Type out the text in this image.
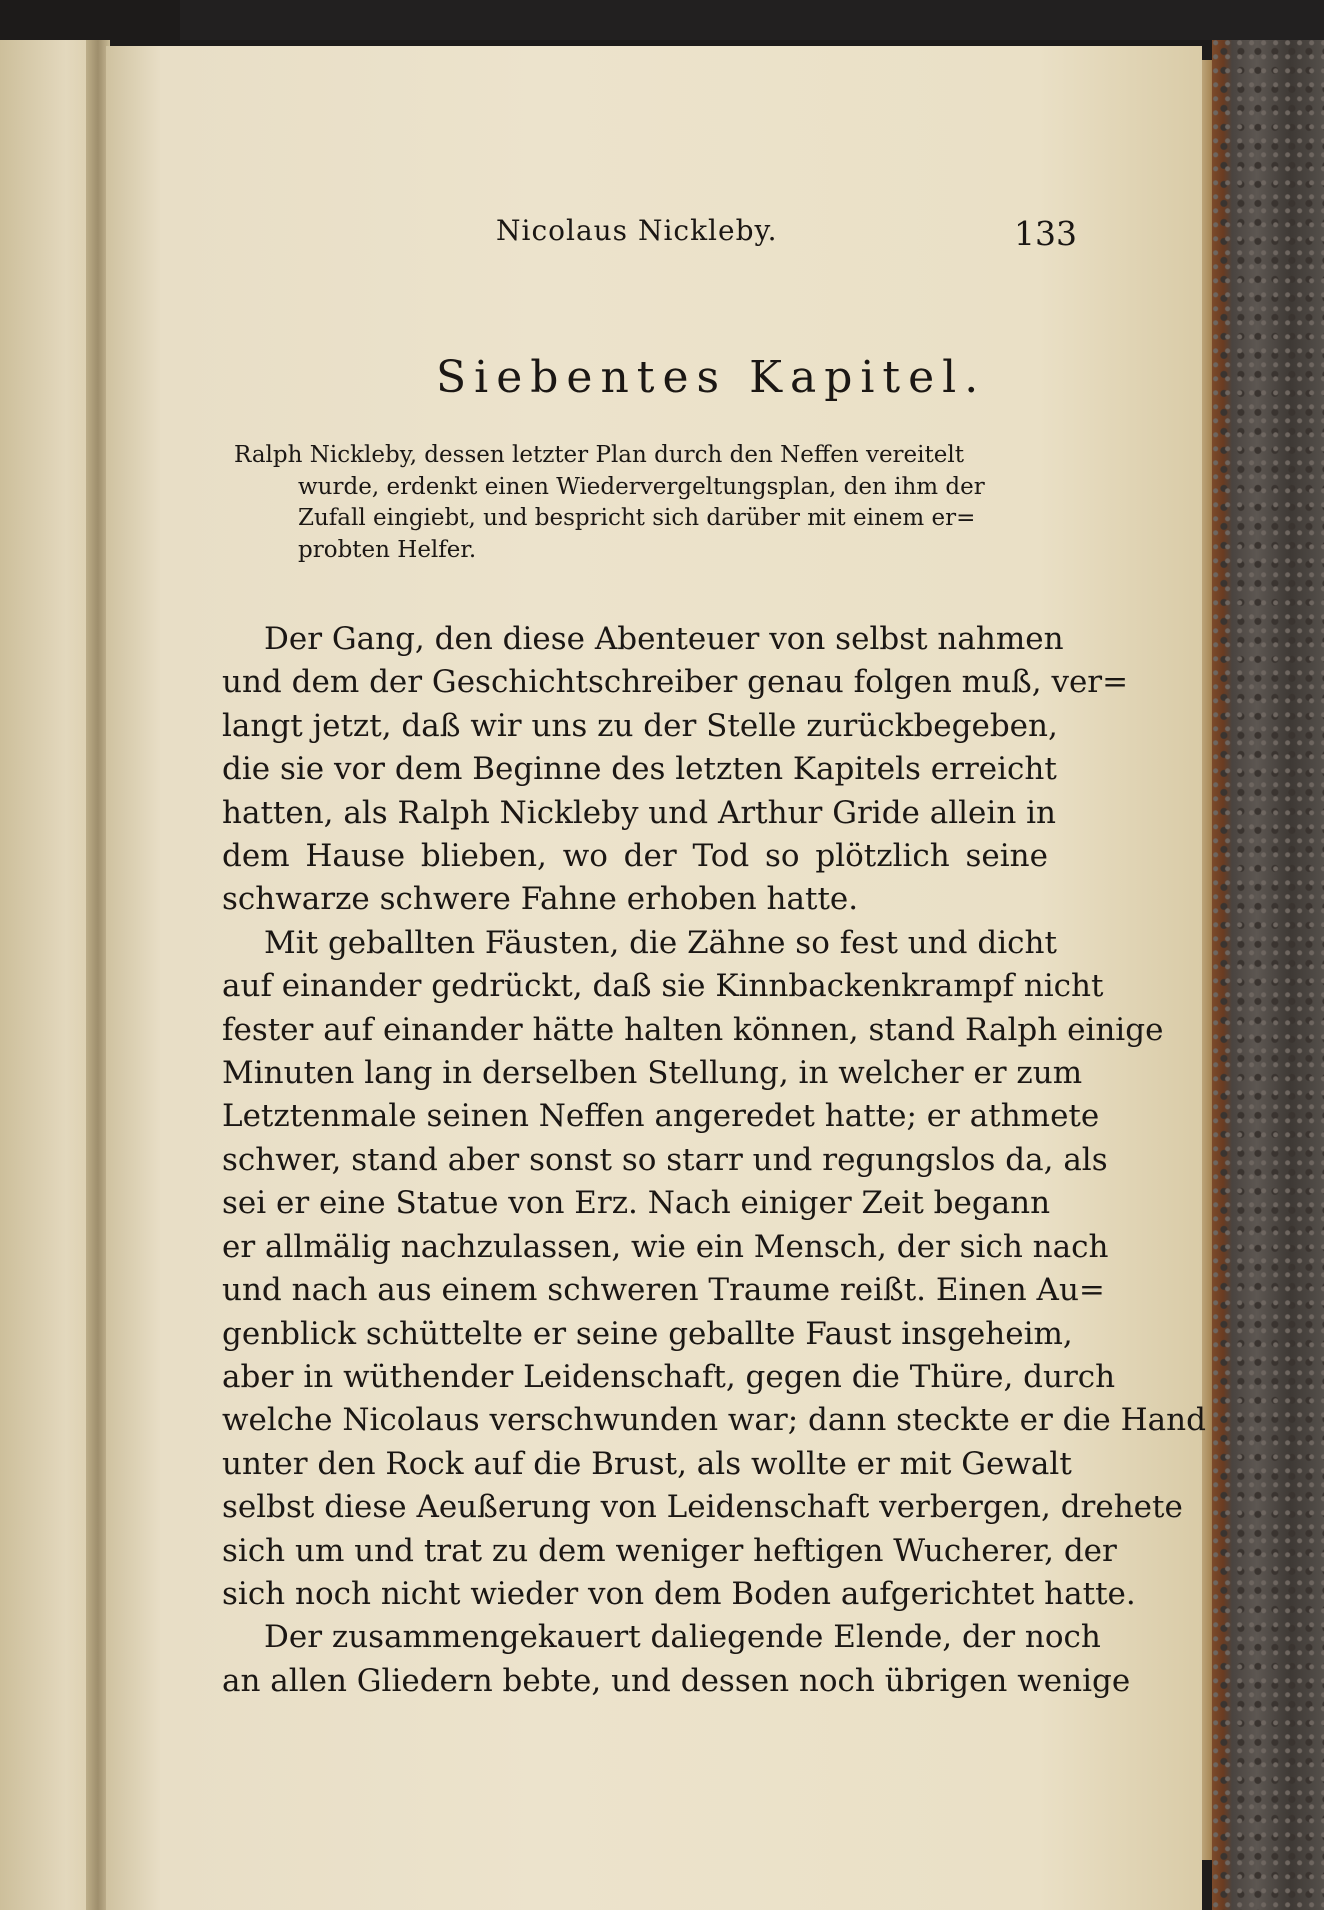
Nicolaus Nickleby.	133
Siebentes Kapitel.
Ralph Nickleby, dessen letzter Plan durch den Neffen vereitelt
wurde, erdenkt einen Wiedervergeltungsplan, den ihm der
Zufall eingiebt, und bespricht sich darüber mit einem er=
probten Helfer.
Der Gang, den diese Abenteuer von selbst nahmen
und dem der Geschichtschreiber genau folgen muß, ver=
langt jetzt, daß wir uns zu der Stelle zurückbegeben,
die sie vor dem Beginne des letzten Kapitels erreicht
hatten, als Ralph Nickleby und Arthur Gride allein in
dem Hause blieben, wo der Tod so plötzlich seine
schwarze schwere Fahne erhoben hatte.
Mit geballten Fäusten, die Zähne so fest und dicht
auf einander gedrückt, daß sie Kinnbackenkrampf nicht
fester auf einander hätte halten können, stand Ralph einige
Minuten lang in derselben Stellung, in welcher er zum
Letztenmale seinen Neffen angeredet hatte; er athmete
schwer, stand aber sonst so starr und regungslos da, als
sei er eine Statue von Erz. Nach einiger Zeit begann
er allmälig nachzulassen, wie ein Mensch, der sich nach
und nach aus einem schweren Traume reißt. Einen Au=
genblick schüttelte er seine geballte Faust insgeheim,
aber in wüthender Leidenschaft, gegen die Thüre, durch
welche Nicolaus verschwunden war; dann steckte er die Hand
unter den Rock auf die Brust, als wollte er mit Gewalt
selbst diese Aeußerung von Leidenschaft verbergen, drehete
sich um und trat zu dem weniger heftigen Wucherer, der
sich noch nicht wieder von dem Boden aufgerichtet hatte.
Der zusammengekauert daliegende Elende, der noch
an allen Gliedern bebte, und dessen noch übrigen wenige
